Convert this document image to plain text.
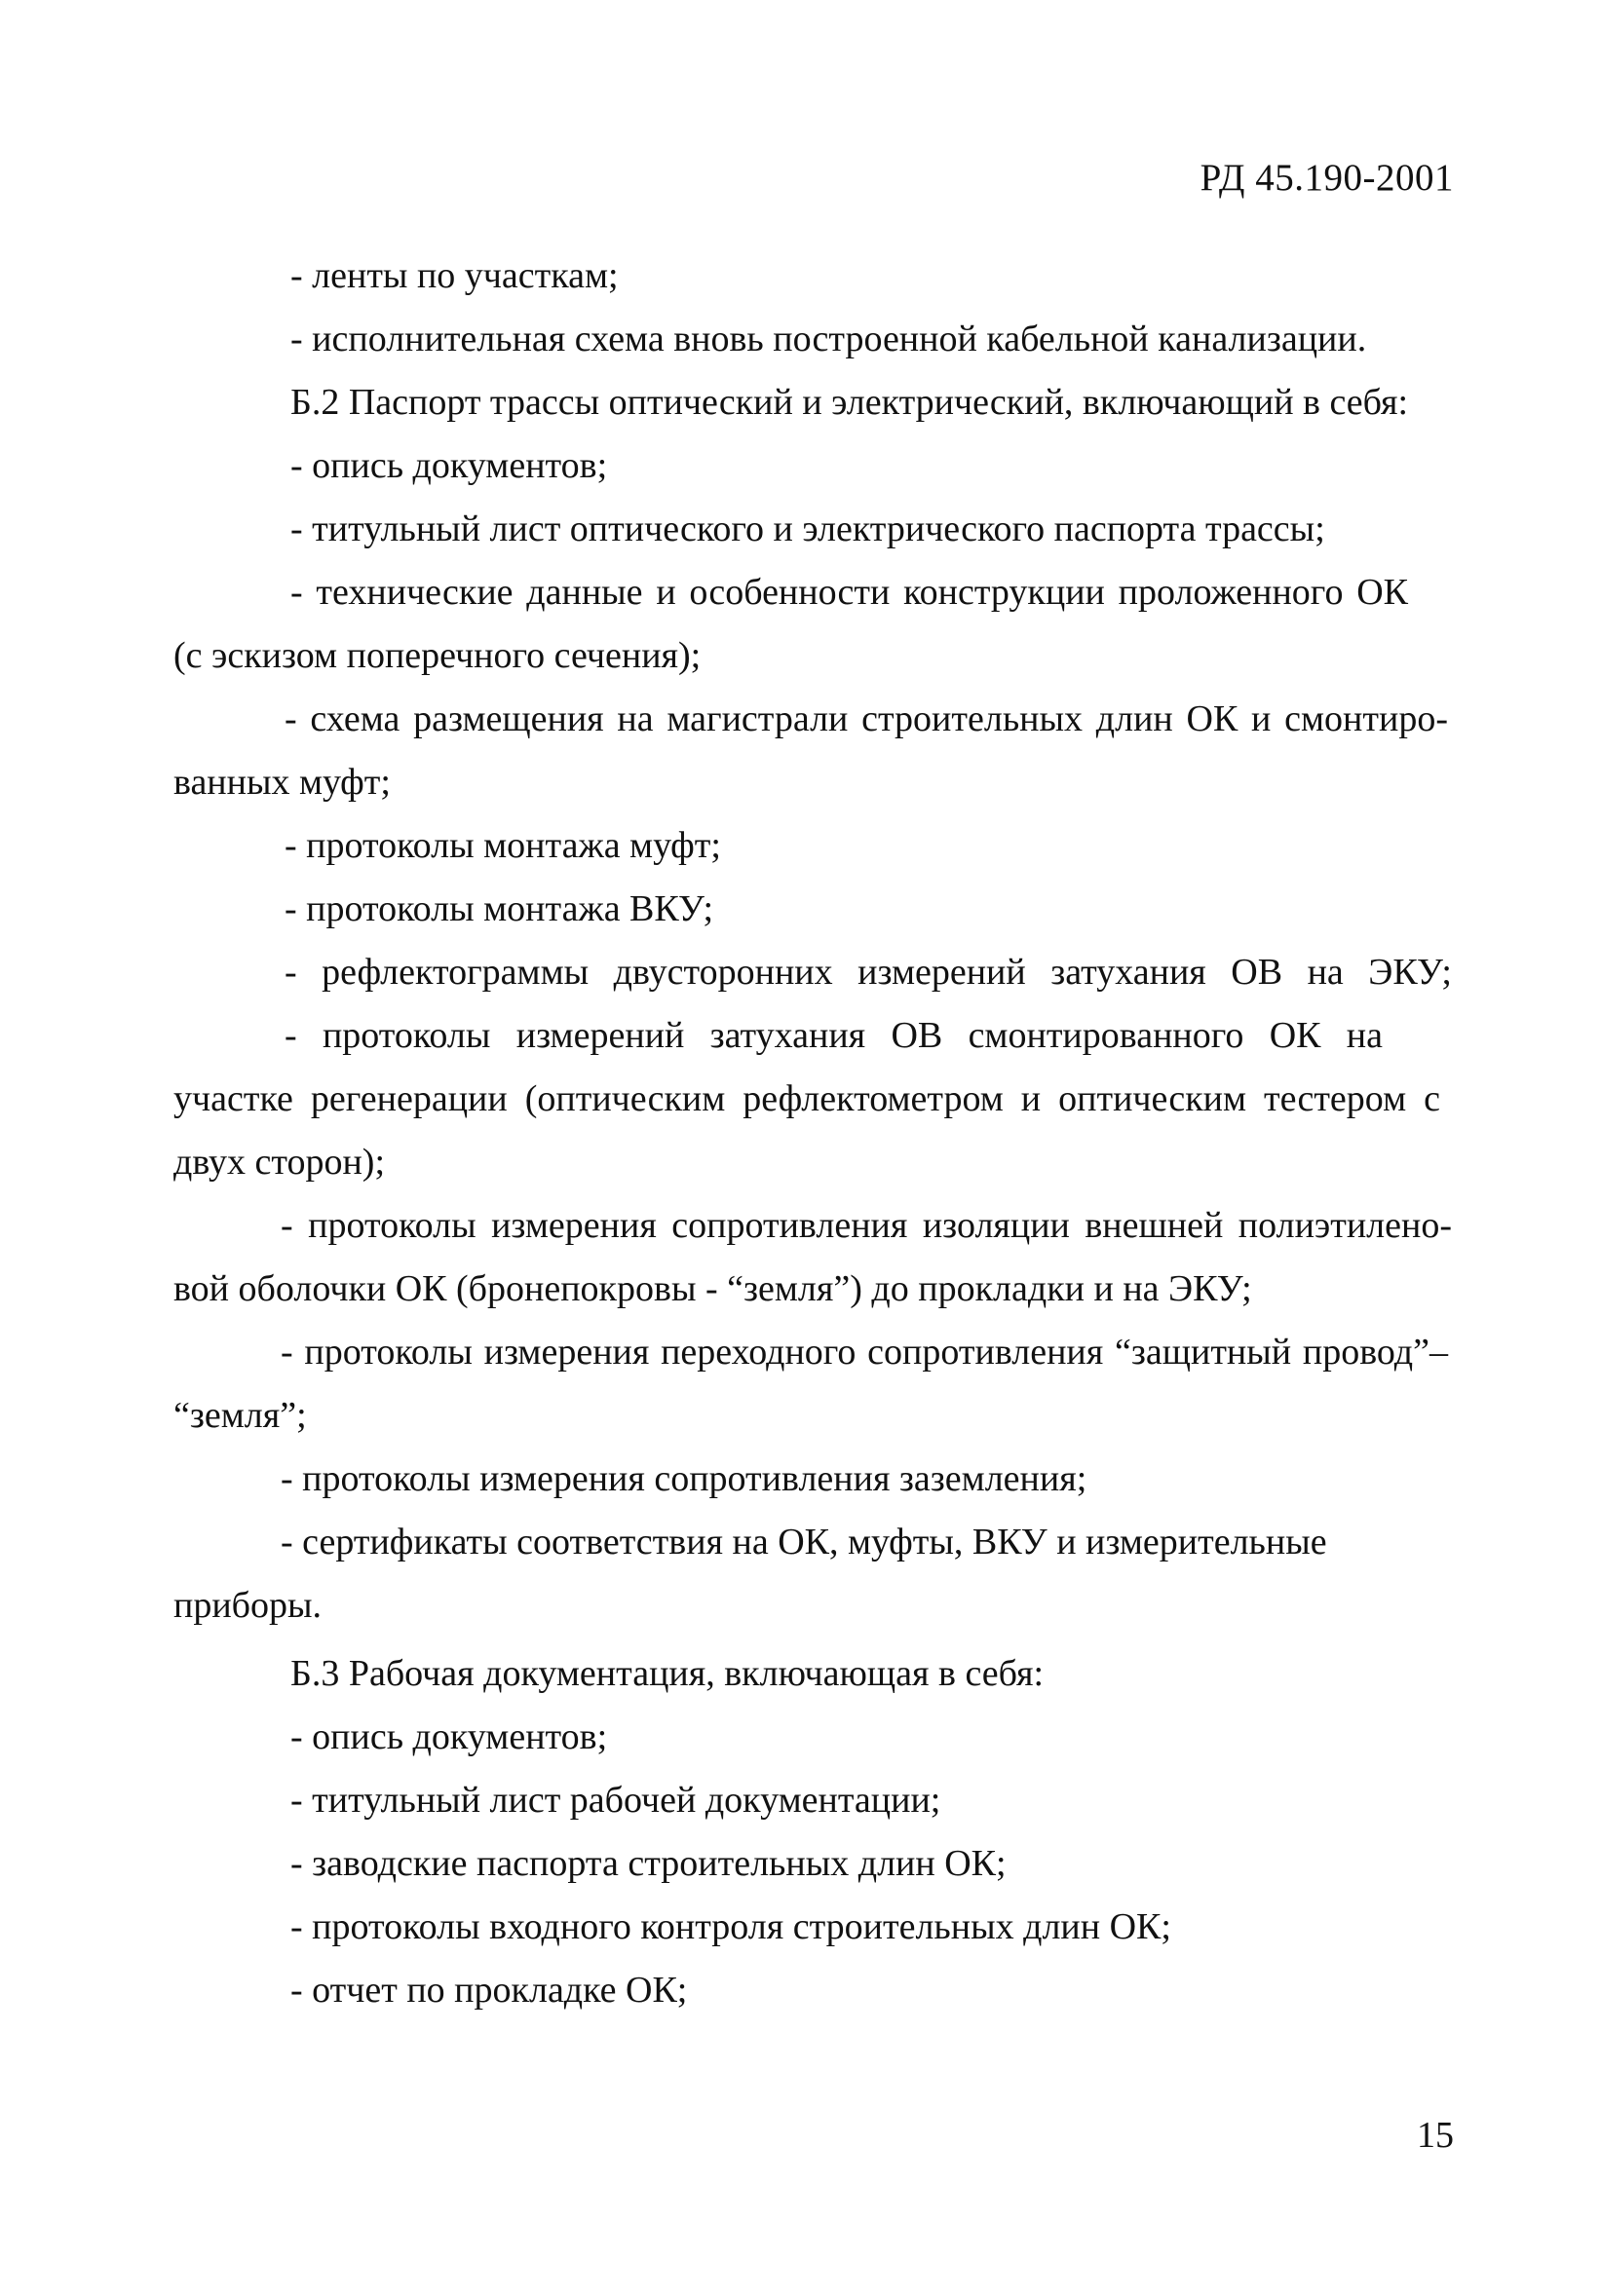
РД 45.190-2001
- ленты по участкам;
- исполнительная схема вновь построенной кабельной канализации.
Б.2 Паспорт трассы оптический и электрический, включающий в себя:
- опись документов;
- титульный лист оптического и электрического паспорта трассы;
- технические данные и особенности конструкции проложенного ОК
(с эскизом поперечного сечения);
- схема размещения на магистрали строительных длин ОК и смонтиро-
ванных муфт;
- протоколы монтажа муфт;
- протоколы монтажа ВКУ;
- рефлектограммы двусторонних измерений затухания ОВ на ЭКУ;
- протоколы измерений затухания ОВ смонтированного ОК на
участке регенерации (оптическим рефлектометром и оптическим тестером с
двух сторон);
- протоколы измерения сопротивления изоляции внешней полиэтилено-
вой оболочки ОК (бронепокровы - “земля”) до прокладки и на ЭКУ;
- протоколы измерения переходного сопротивления “защитный провод”–
“земля”;
- протоколы измерения сопротивления заземления;
- сертификаты соответствия на ОК, муфты, ВКУ и измерительные
приборы.
Б.3 Рабочая документация, включающая в себя:
- опись документов;
- титульный лист рабочей документации;
- заводские паспорта строительных длин ОК;
- протоколы входного контроля строительных длин ОК;
- отчет по прокладке ОК;
15
